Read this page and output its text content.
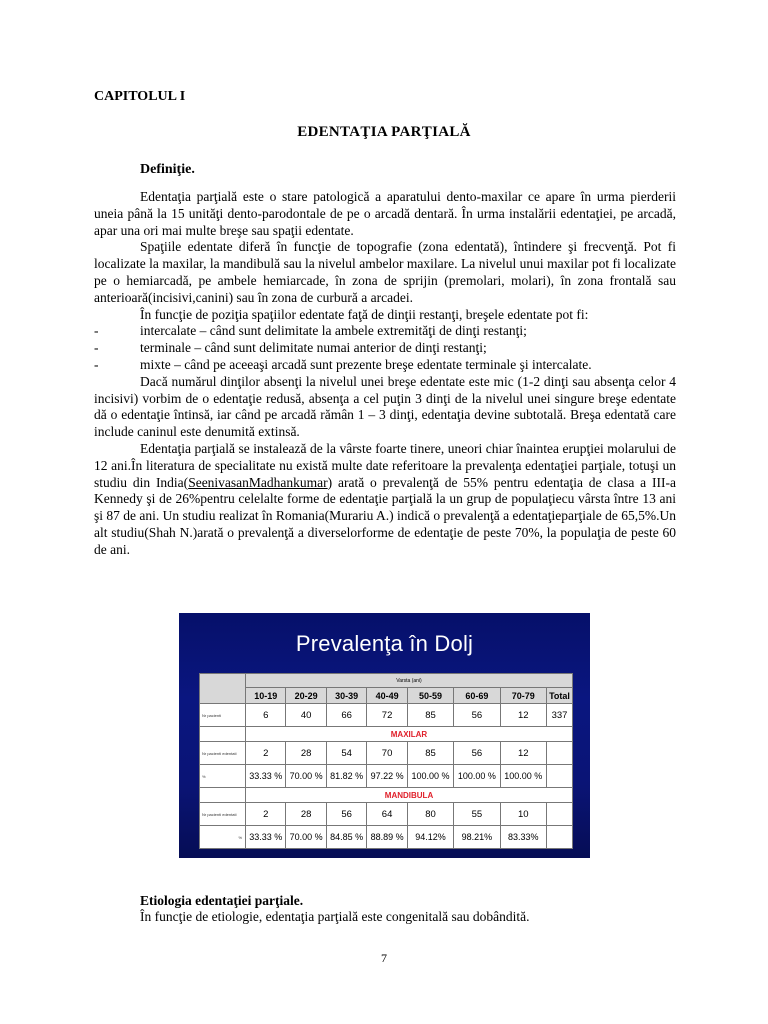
CAPITOLUL I
EDENTAŢIA PARŢIALĂ
Definiţie.

Edentaţia parţială este o stare patologică a aparatului dento-maxilar ce apare în urma pierderii uneia până la 15 unităţi dento-parodontale de pe o arcadă dentară. În urma instalării edentaţiei, pe arcadă, apar una ori mai multe breşe sau spaţii edentate.

Spaţiile edentate diferă în funcţie de topografie (zona edentată), întindere şi frecvenţă. Pot fi localizate la maxilar, la mandibulă sau la nivelul ambelor maxilare. La nivelul unui maxilar pot fi localizate pe o hemiarcadă, pe ambele hemiarcade, în zona de sprijin (premolari, molari), în zona frontală sau anterioară(incisivi,canini) sau în zona de curbură a arcadei.

În funcţie de poziţia spaţiilor edentate faţă de dinţii restanţi, breşele edentate pot fi:

-	intercalate – când sunt delimitate la ambele extremităţi de dinţi restanţi;

-	terminale – când sunt delimitate numai anterior de dinţi restanţi;

-	mixte – când pe aceeaşi arcadă sunt prezente breşe edentate terminale şi intercalate.

Dacă numărul dinţilor absenţi la nivelul unei breşe edentate este mic (1-2 dinţi sau absenţa celor 4 incisivi) vorbim de o edentaţie redusă, absenţa a cel puţin 3 dinţi de la nivelul unei singure breşe edentate dă o edentaţie întinsă, iar când pe arcadă rămân 1 – 3 dinţi, edentaţia devine subtotală. Breşa edentată care include caninul este denumită extinsă.

Edentaţia parţială se instalează de la vârste foarte tinere, uneori chiar înaintea erupţiei molarului de 12 ani.În literatura de specialitate nu există multe date referitoare la prevalenţa edentaţiei parţiale, totuşi un studiu din India(SeenivasanMadhankumar) arată o prevalenţă de 55% pentru edentaţia de clasa a III-a Kennedy şi de 26%pentru celelalte forme de edentaţie parţială la un grup de populaţiecu vârsta între 13 ani şi 87 de ani. Un studiu realizat în Romania(Murariu A.) indică o prevalenţă a edentaţieparţiale de 65,5%.Un alt studiu(Shah N.)arată o prevalenţă a diverselorforme de edentaţie de peste 70%, la populaţia de peste 60 de ani.

Prevalenţa în Dolj
	Varsta (ani)							
	10-19	20-29	30-39	40-49	50-59	60-69	70-79	Total
Nr pacienti	6	40	66	72	85	56	12	337
	MAXILAR							
Nr pacienti edentati	2	28	54	70	85	56	12	
%	33.33 %	70.00 %	81.82 %	97.22 %	100.00 %	100.00 %	100.00 %	
	MANDIBULA							
Nr pacienti edentati	2	28	56	64	80	55	10	
%	33.33 %	70.00 %	84.85 %	88.89 %	94.12%	98.21%	83.33%	
Etiologia edentaţiei parţiale.
În funcţie de etiologie, edentaţia parţială este congenitală sau dobândită.
7
